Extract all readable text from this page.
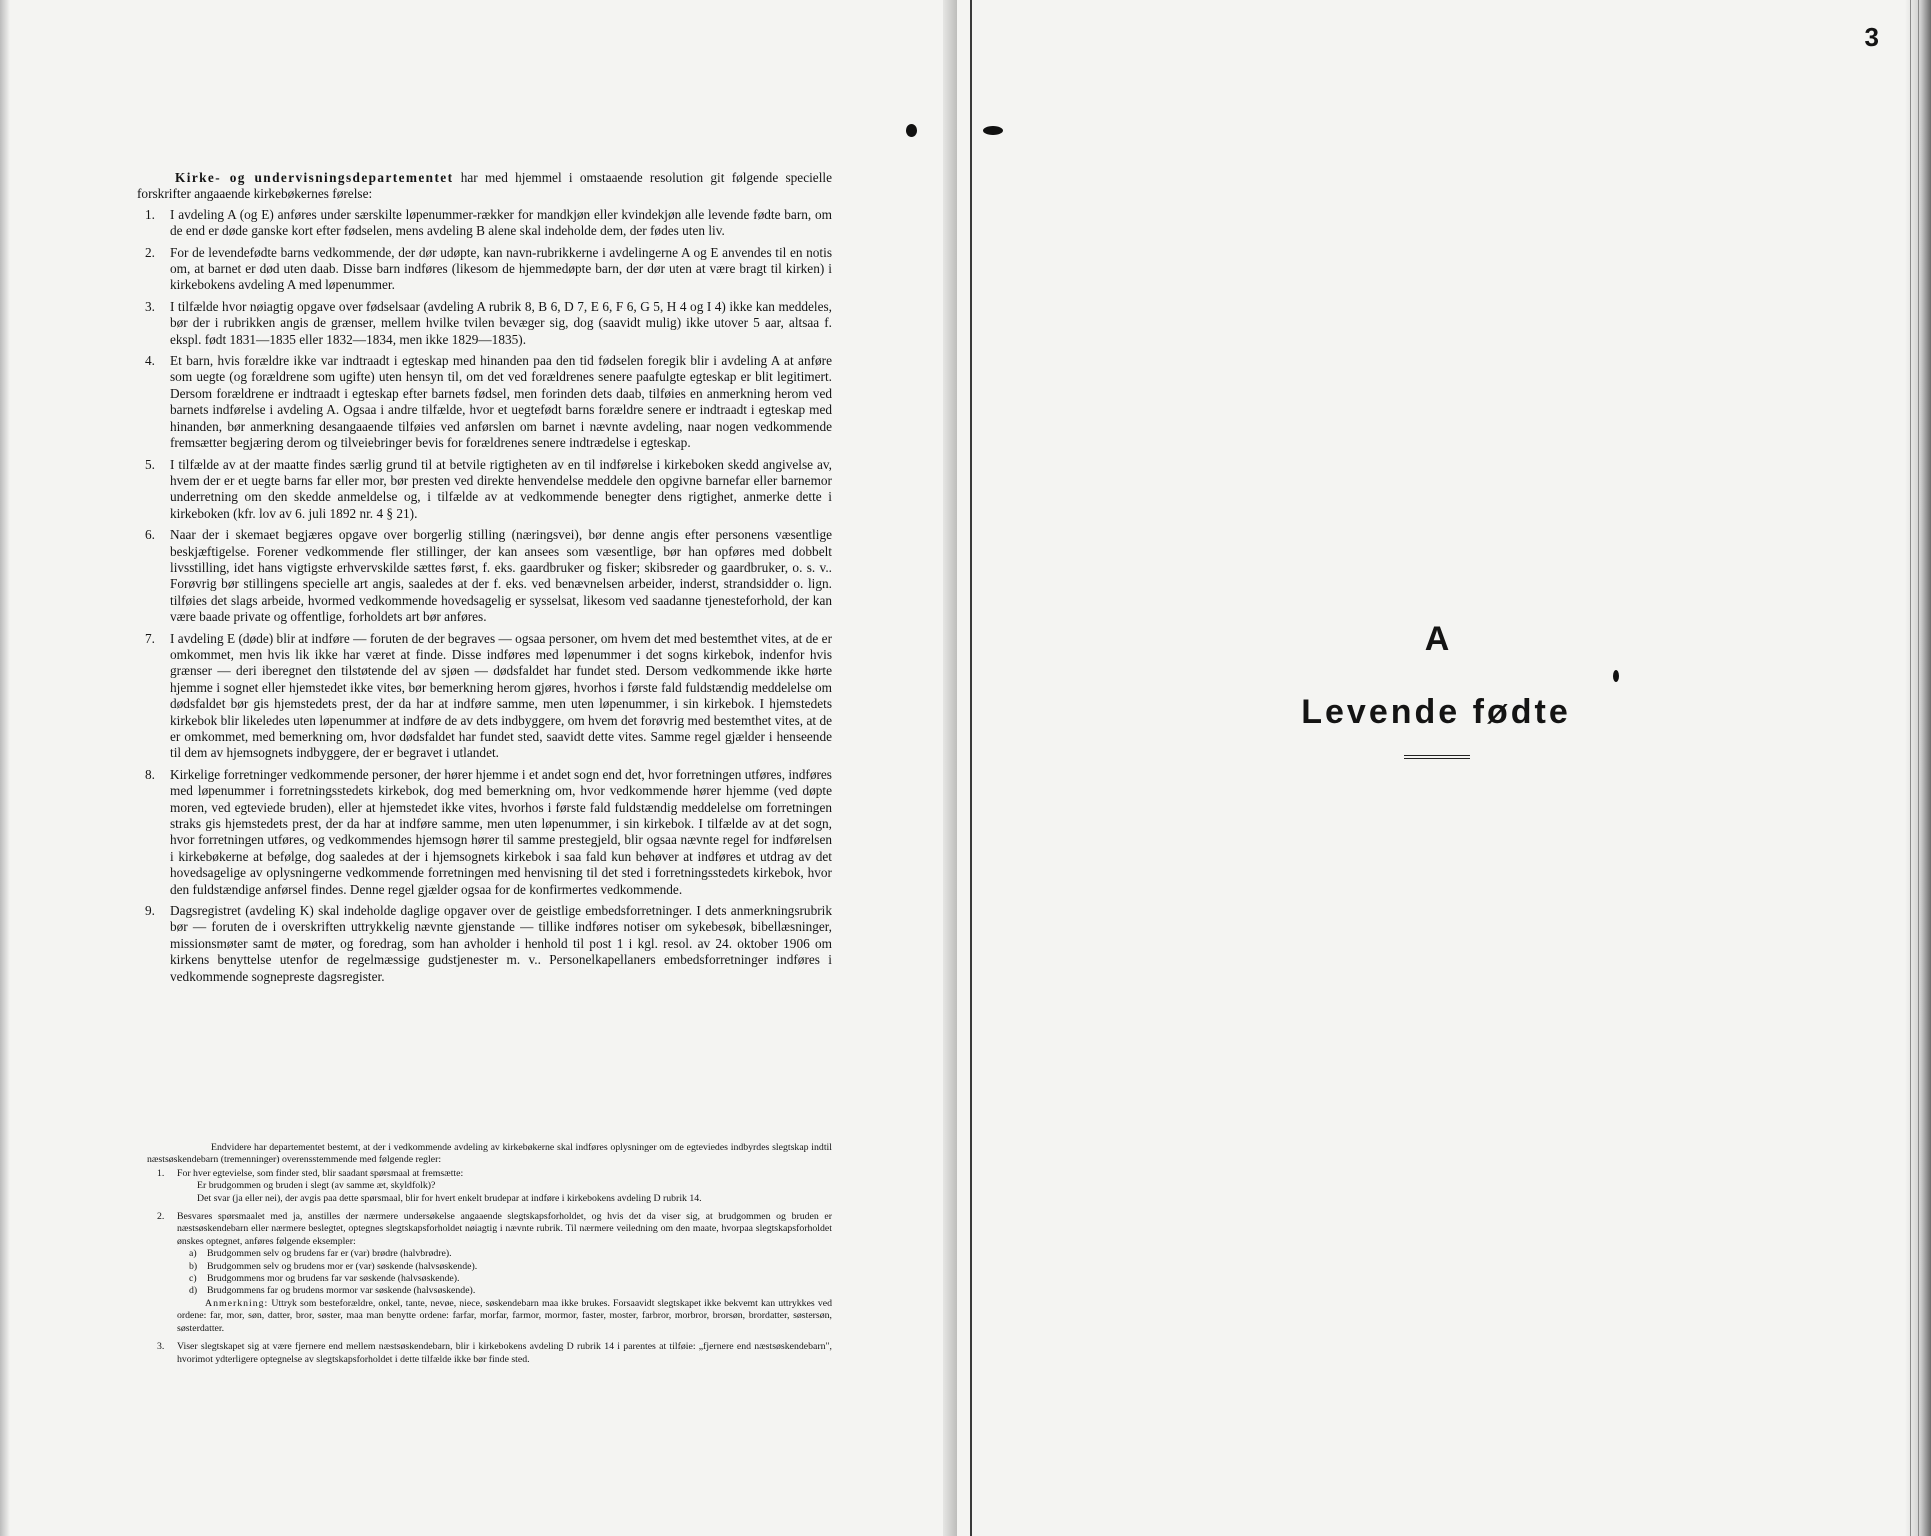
Kirke- og undervisningsdepartementet har med hjemmel i omstaaende resolution git følgende specielle forskrifter angaaende kirkebøkernes førelse:

1. I avdeling A (og E) anføres under særskilte løpenummer-rækker for mandkjøn eller kvindekjøn alle levende fødte barn, om de end er døde ganske kort efter fødselen, mens avdeling B alene skal indeholde dem, der fødes uten liv.
2. For de levendefødte barns vedkommende, der dør udøpte, kan navn-rubrikkerne i avdelingerne A og E anvendes til en notis om, at barnet er død uten daab. Disse barn indføres (likesom de hjemmedøpte barn, der dør uten at være bragt til kirken) i kirkebokens avdeling A med løpenummer.
3. I tilfælde hvor nøiagtig opgave over fødselsaar (avdeling A rubrik 8, B 6, D 7, E 6, F 6, G 5, H 4 og I 4) ikke kan meddeles, bør der i rubrikken angis de grænser, mellem hvilke tvilen bevæger sig, dog (saavidt mulig) ikke utover 5 aar, altsaa f. ekspl. født 1831—1835 eller 1832—1834, men ikke 1829—1835).
4. Et barn, hvis forældre ikke var indtraadt i egteskap med hinanden paa den tid fødselen foregik blir i avdeling A at anføre som uegte (og forældrene som ugifte) uten hensyn til, om det ved forældrenes senere paafulgte egteskap er blit legitimert. Dersom forældrene er indtraadt i egteskap efter barnets fødsel, men forinden dets daab, tilføies en anmerkning herom ved barnets indførelse i avdeling A. Ogsaa i andre tilfælde, hvor et uegtefødt barns forældre senere er indtraadt i egteskap med hinanden, bør anmerkning desangaaende tilføies ved anførslen om barnet i nævnte avdeling, naar nogen vedkommende fremsætter begjæring derom og tilveiebringer bevis for forældrenes senere indtrædelse i egteskap.
5. I tilfælde av at der maatte findes særlig grund til at betvile rigtigheten av en til indførelse i kirkeboken skedd angivelse av, hvem der er et uegte barns far eller mor, bør presten ved direkte henvendelse meddele den opgivne barnefar eller barnemor underretning om den skedde anmeldelse og, i tilfælde av at vedkommende benegter dens rigtighet, anmerke dette i kirkeboken (kfr. lov av 6. juli 1892 nr. 4 § 21).
6. Naar der i skemaet begjæres opgave over borgerlig stilling (næringsvei), bør denne angis efter personens væsentlige beskjæftigelse. Forener vedkommende fler stillinger, der kan ansees som væsentlige, bør han opføres med dobbelt livsstilling, idet hans vigtigste erhvervskilde sættes først, f. eks. gaardbruker og fisker; skibsreder og gaardbruker, o. s. v.. Forøvrig bør stillingens specielle art angis, saaledes at der f. eks. ved benævnelsen arbeider, inderst, strandsidder o. lign. tilføies det slags arbeide, hvormed vedkommende hovedsagelig er sysselsat, likesom ved saadanne tjenesteforhold, der kan være baade private og offentlige, forholdets art bør anføres.
7. I avdeling E (døde) blir at indføre — foruten de der begraves — ogsaa personer, om hvem det med bestemthet vites, at de er omkommet, men hvis lik ikke har været at finde. Disse indføres med løpenummer i det sogns kirkebok, indenfor hvis grænser — deri iberegnet den tilstøtende del av sjøen — dødsfaldet har fundet sted. Dersom vedkommende ikke hørte hjemme i sognet eller hjemstedet ikke vites, bør bemerkning herom gjøres, hvorhos i første fald fuldstændig meddelelse om dødsfaldet bør gis hjemstedets prest, der da har at indføre samme, men uten løpenummer, i sin kirkebok. I hjemstedets kirkebok blir likeledes uten løpenummer at indføre de av dets indbyggere, om hvem det forøvrig med bestemthet vites, at de er omkommet, med bemerkning om, hvor dødsfaldet har fundet sted, saavidt dette vites. Samme regel gjælder i henseende til dem av hjemsognets indbyggere, der er begravet i utlandet.
8. Kirkelige forretninger vedkommende personer, der hører hjemme i et andet sogn end det, hvor forretningen utføres, indføres med løpenummer i forretningsstedets kirkebok, dog med bemerkning om, hvor vedkommende hører hjemme (ved døpte moren, ved egteviede bruden), eller at hjemstedet ikke vites, hvorhos i første fald fuldstændig meddelelse om forretningen straks gis hjemstedets prest, der da har at indføre samme, men uten løpenummer, i sin kirkebok. I tilfælde av at det sogn, hvor forretningen utføres, og vedkommendes hjemsogn hører til samme prestegjeld, blir ogsaa nævnte regel for indførelsen i kirkebøkerne at befølge, dog saaledes at der i hjemsognets kirkebok i saa fald kun behøver at indføres et utdrag av det hovedsagelige av oplysningerne vedkommende forretningen med henvisning til det sted i forretningsstedets kirkebok, hvor den fuldstændige anførsel findes. Denne regel gjælder ogsaa for de konfirmertes vedkommende.
9. Dagsregistret (avdeling K) skal indeholde daglige opgaver over de geistlige embedsforretninger. I dets anmerkningsrubrik bør — foruten de i overskriften uttrykkelig nævnte gjenstande — tillike indføres notiser om sykebesøk, bibellæsninger, missionsmøter samt de møter, og foredrag, som han avholder i henhold til post 1 i kgl. resol. av 24. oktober 1906 om kirkens benyttelse utenfor de regelmæssige gudstjenester m. v.. Personelkapellaners embedsforretninger indføres i vedkommende sognepreste dagsregister.

Endvidere har departementet bestemt, at der i vedkommende avdeling av kirkebøkerne skal indføres oplysninger om de egteviedes indbyrdes slegtskap indtil næstsøskendebarn (tremenninger) overensstemmende med følgende regler:

1. For hver egtevielse, som finder sted, blir saadant spørsmaal at fremsætte:

Er brudgommen og bruden i slegt (av samme æt, skyldfolk)?

Det svar (ja eller nei), der avgis paa dette spørsmaal, blir for hvert enkelt brudepar at indføre i kirkebokens avdeling D rubrik 14.

2. Besvares spørsmaalet med ja, anstilles der nærmere undersøkelse angaaende slegtskapsforholdet, og hvis det da viser sig, at brudgommen og bruden er næstsøskendebarn eller nærmere beslegtet, optegnes slegtskapsforholdet nøiagtig i nævnte rubrik. Til nærmere veiledning om den maate, hvorpaa slegtskapsforholdet ønskes optegnet, anføres følgende eksempler:

a) Brudgommen selv og brudens far er (var) brødre (halvbrødre).

b) Brudgommen selv og brudens mor er (var) søskende (halvsøskende).

c) Brudgommens mor og brudens far var søskende (halvsøskende).

d) Brudgommens far og brudens mormor var søskende (halvsøskende).

Anmerkning: Uttryk som besteforældre, onkel, tante, nevøe, niece, søskendebarn maa ikke brukes. Forsaavidt slegtskapet ikke bekvemt kan uttrykkes ved ordene: far, mor, søn, datter, bror, søster, maa man benytte ordene: farfar, morfar, farmor, mormor, faster, moster, farbror, morbror, brorsøn, brordatter, søstersøn, søsterdatter.

3. Viser slegtskapet sig at være fjernere end mellem næstsøskendebarn, blir i kirkebokens avdeling D rubrik 14 i parentes at tilføie: „fjernere end næstsøskendebarn", hvorimot ydterligere optegnelse av slegtskapsforholdet i dette tilfælde ikke bør finde sted.

3
A
Levende fødte
